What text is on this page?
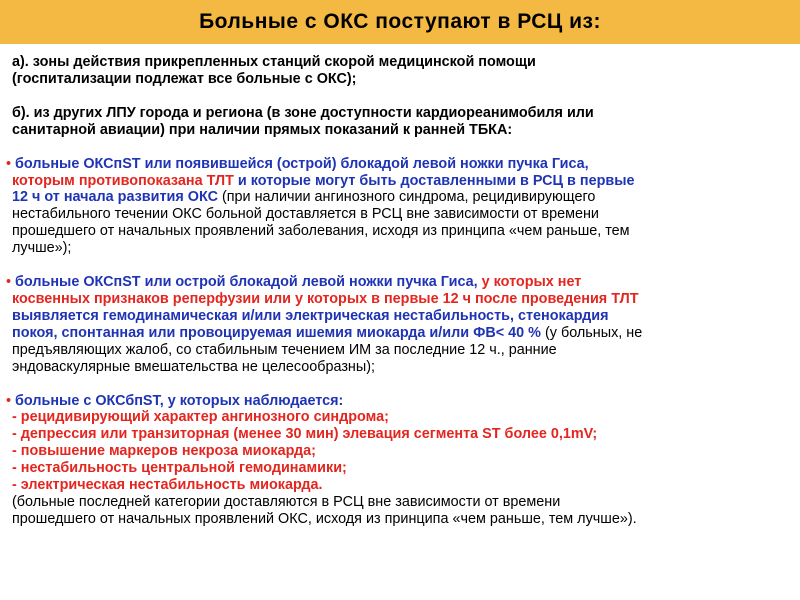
Больные с ОКС поступают в РСЦ из:

а). зоны действия прикрепленных станций скорой медицинской помощи

(госпитализации подлежат все больные с ОКС);

б). из других ЛПУ города и региона (в зоне доступности кардиореанимобиля или

санитарной авиации) при наличии прямых показаний к ранней ТБКА:

• больные ОКСпST или появившейся (острой) блокадой левой ножки пучка Гиса,

которым противопоказана ТЛТ и которые могут быть доставленными в РСЦ в первые

12 ч от начала развития ОКС (при наличии ангинозного синдрома, рецидивирующего

нестабильного течении ОКС больной доставляется в РСЦ вне зависимости от времени

прошедшего от начальных проявлений заболевания, исходя из принципа «чем раньше, тем

лучше»);

• больные ОКСпST или острой блокадой левой ножки пучка Гиса, у которых нет

косвенных признаков реперфузии или у которых в первые 12 ч после проведения ТЛТ

выявляется гемодинамическая и/или электрическая нестабильность, стенокардия

покоя, спонтанная или провоцируемая ишемия миокарда и/или ФВ< 40 % (у больных, не

предъявляющих жалоб, со стабильным течением ИМ за последние 12 ч., ранние

эндоваскулярные вмешательства не целесообразны);

• больные с ОКСбпST, у которых наблюдается:

- рецидивирующий характер ангинозного синдрома;

- депрессия или транзиторная (менее 30 мин) элевация сегмента ST более 0,1mV;

- повышение маркеров некроза миокарда;

- нестабильность центральной гемодинамики;

- электрическая нестабильность миокарда.

(больные последней категории доставляются в РСЦ вне зависимости от времени

прошедшего от начальных проявлений ОКС, исходя из принципа «чем раньше, тем лучше»).
